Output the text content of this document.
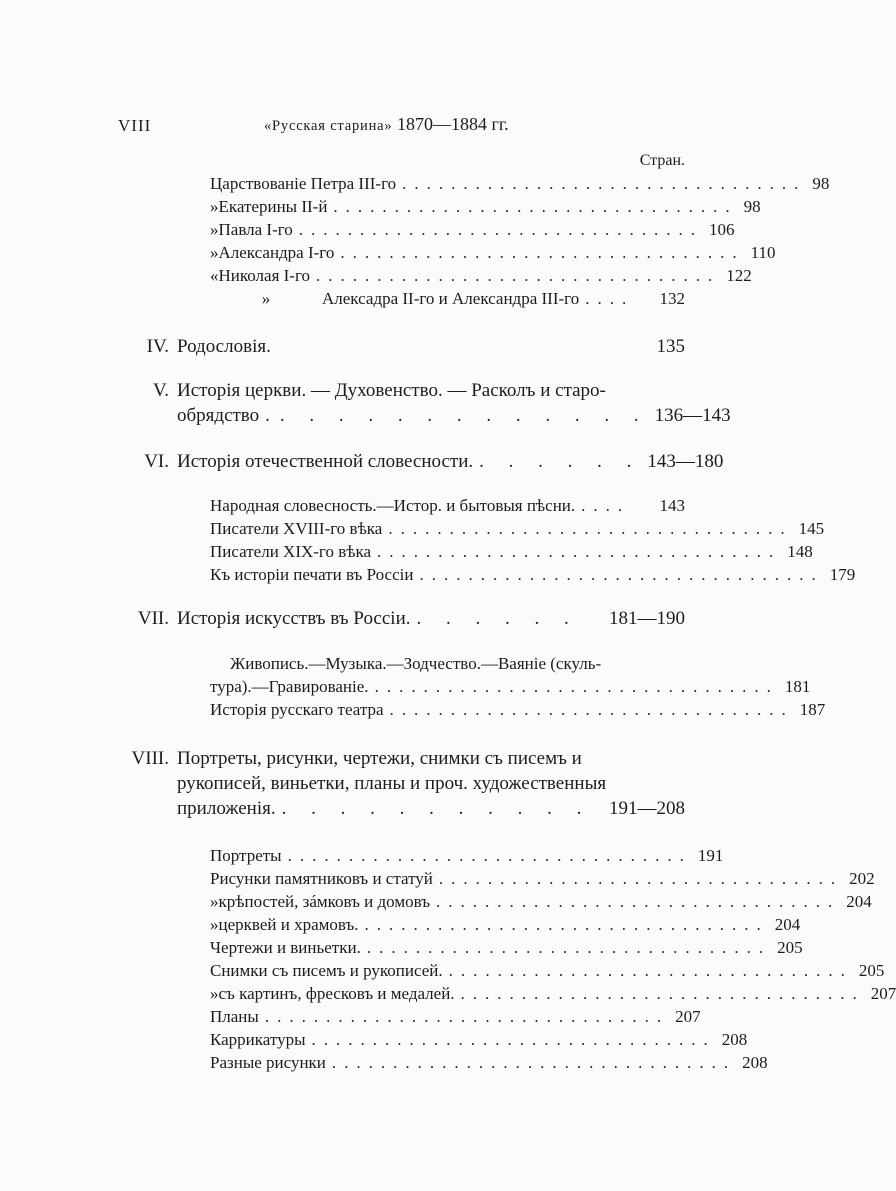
VIII	«Русская старина» 1870—1884 гг.
Стран.
Царствованіе Петра III-го ................................. 98
» Екатерины II-й ................................. 98
» Павла I-го ................................. 106
» Александра I-го ................................. 110
« Николая I-го ................................. 122
»	Алексадра II-го и Александра III-го ....	132
IV. Родословія.	135
V. Исторія церкви. — Духовенство. — Расколъ и старо-
обрядство .. . . . . . . . . . . . . 136—143
VI. Исторія отечественной словесности. . . . . . . 143—180
Народная словесность.—Истор. и бытовыя пѣсни. ....	143
Писатели XVIII-го вѣка ................................. 145
Писатели XIX-го вѣка ................................. 148
Къ исторіи печати въ Россіи ................................. 179
VII. Исторія искусствъ въ Россіи. . . . . . .	181—190
Живопись.—Музыка.—Зодчество.—Ваяніе (скуль-
тура).—Гравированіе. ................................. 181
Исторія русскаго театра ................................. 187
VIII. Портреты, рисунки, чертежи, снимки съ писемъ и
рукописей, виньетки, планы и проч. художественныя
приложенія. . . . . . . . . . . . 191—208
Портреты ................................. 191
Рисунки памятниковъ и статуй ................................. 202
» крѣпостей, зáмковъ и домовъ ................................. 204
» церквей и храмовъ. ................................. 204
Чертежи и виньетки. ................................. 205
Снимки съ писемъ и рукописей. ................................. 205
» съ картинъ, фресковъ и медалей. ................................. 207
Планы ................................. 207
Каррикатуры ................................. 208
Разные рисунки ................................. 208
